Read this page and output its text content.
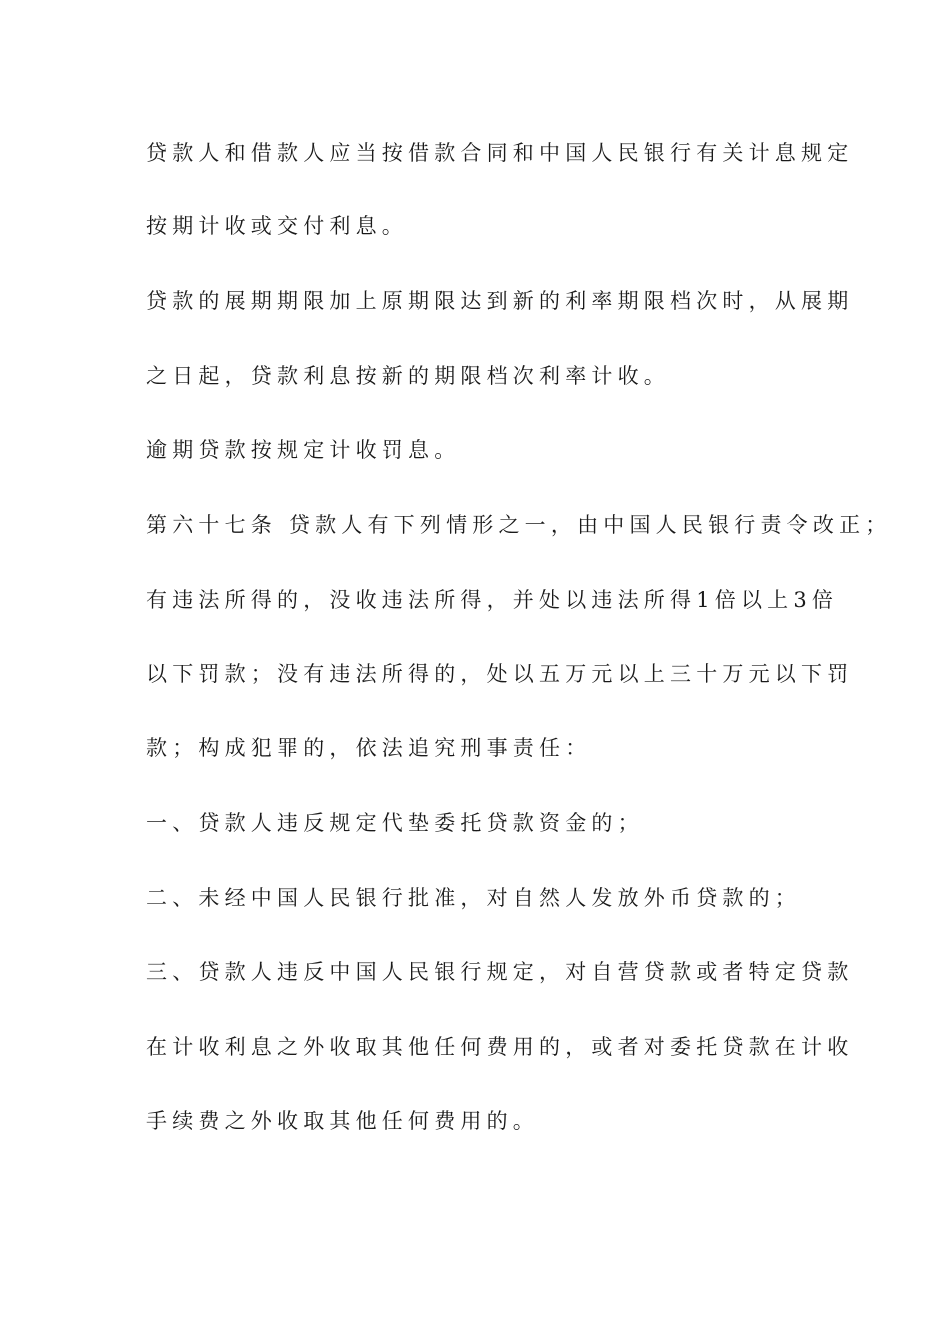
贷款人和借款人应当按借款合同和中国人民银行有关计息规定
按期计收或交付利息。
贷款的展期期限加上原期限达到新的利率期限档次时，从展期
之日起，贷款利息按新的期限档次利率计收。
逾期贷款按规定计收罚息。
第六十七条 贷款人有下列情形之一，由中国人民银行责令改正；
有违法所得的，没收违法所得，并处以违法所得1倍以上3倍
以下罚款；没有违法所得的，处以五万元以上三十万元以下罚
款；构成犯罪的，依法追究刑事责任：
一、贷款人违反规定代垫委托贷款资金的；
二、未经中国人民银行批准，对自然人发放外币贷款的；
三、贷款人违反中国人民银行规定，对自营贷款或者特定贷款
在计收利息之外收取其他任何费用的，或者对委托贷款在计收
手续费之外收取其他任何费用的。
